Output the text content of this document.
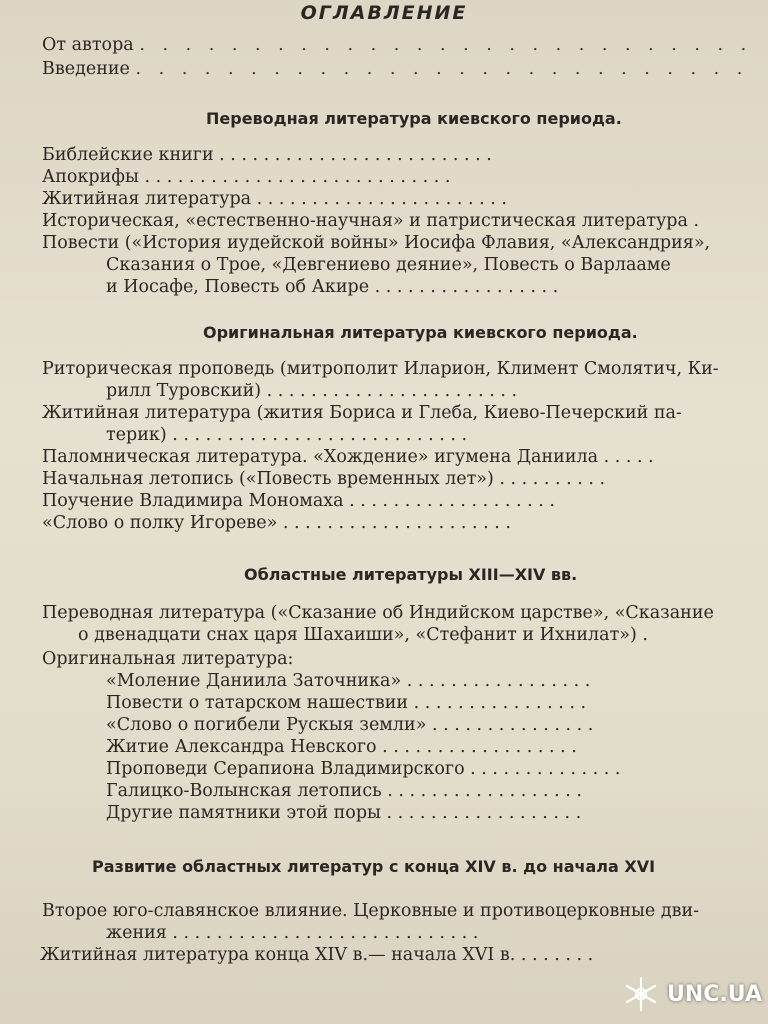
ОГЛАВЛЕНИЕ
От автора . . . . . . . . . . . . . . . . . . . . . . . . . . .
Введение . . . . . . . . . . . . . . . . . . . . . . . . . . .
Переводная литература киевского периода.
Библейские книги . . . . . . . . . . . . . . . . . . . . . . . . .
Апокрифы . . . . . . . . . . . . . . . . . . . . . . . . . . . .
Житийная литература . . . . . . . . . . . . . . . . . . . . . . .
Историческая, «естественно-научная» и патристическая литература .
Повести («История иудейской войны» Иосифа Флавия, «Александрия»,
Сказания о Трое, «Девгениево деяние», Повесть о Варлааме
и Иосафе, Повесть об Акире . . . . . . . . . . . . . . . . .
Оригинальная литература киевского периода.
Риторическая проповедь (митрополит Иларион, Климент Смолятич, Ки-
рилл Туровский) . . . . . . . . . . . . . . . . . . . . . . .
Житийная литература (жития Бориса и Глеба, Киево-Печерский па-
терик) . . . . . . . . . . . . . . . . . . . . . . . . . . .
Паломническая литература. «Хождение» игумена Даниила . . . . .
Начальная летопись («Повесть временных лет») . . . . . . . . . .
Поучение Владимира Мономаха . . . . . . . . . . . . . . . . . . .
«Слово о полку Игореве» . . . . . . . . . . . . . . . . . . . . .
Областные литературы XIII—XIV вв.
Переводная литература («Сказание об Индийском царстве», «Сказание
о двенадцати снах царя Шахаиши», «Стефанит и Ихнилат») .
Оригинальная литература:
«Моление Даниила Заточника» . . . . . . . . . . . . . . . . .
Повести о татарском нашествии . . . . . . . . . . . . . . . .
«Слово о погибели Рускыя земли» . . . . . . . . . . . . . . .
Житие Александра Невского . . . . . . . . . . . . . . . . . .
Проповеди Серапиона Владимирского . . . . . . . . . . . . . .
Галицко-Волынская летопись . . . . . . . . . . . . . . . . . .
Другие памятники этой поры . . . . . . . . . . . . . . . . . .
Развитие областных литератур с конца XIV в. до начала XVI
Второе юго-славянское влияние. Церковные и противоцерковные дви-
жения . . . . . . . . . . . . . . . . . . . . . . . . . . . .
Житийная литература конца XIV в.— начала XVI в. . . . . . . .
UNC.UA
